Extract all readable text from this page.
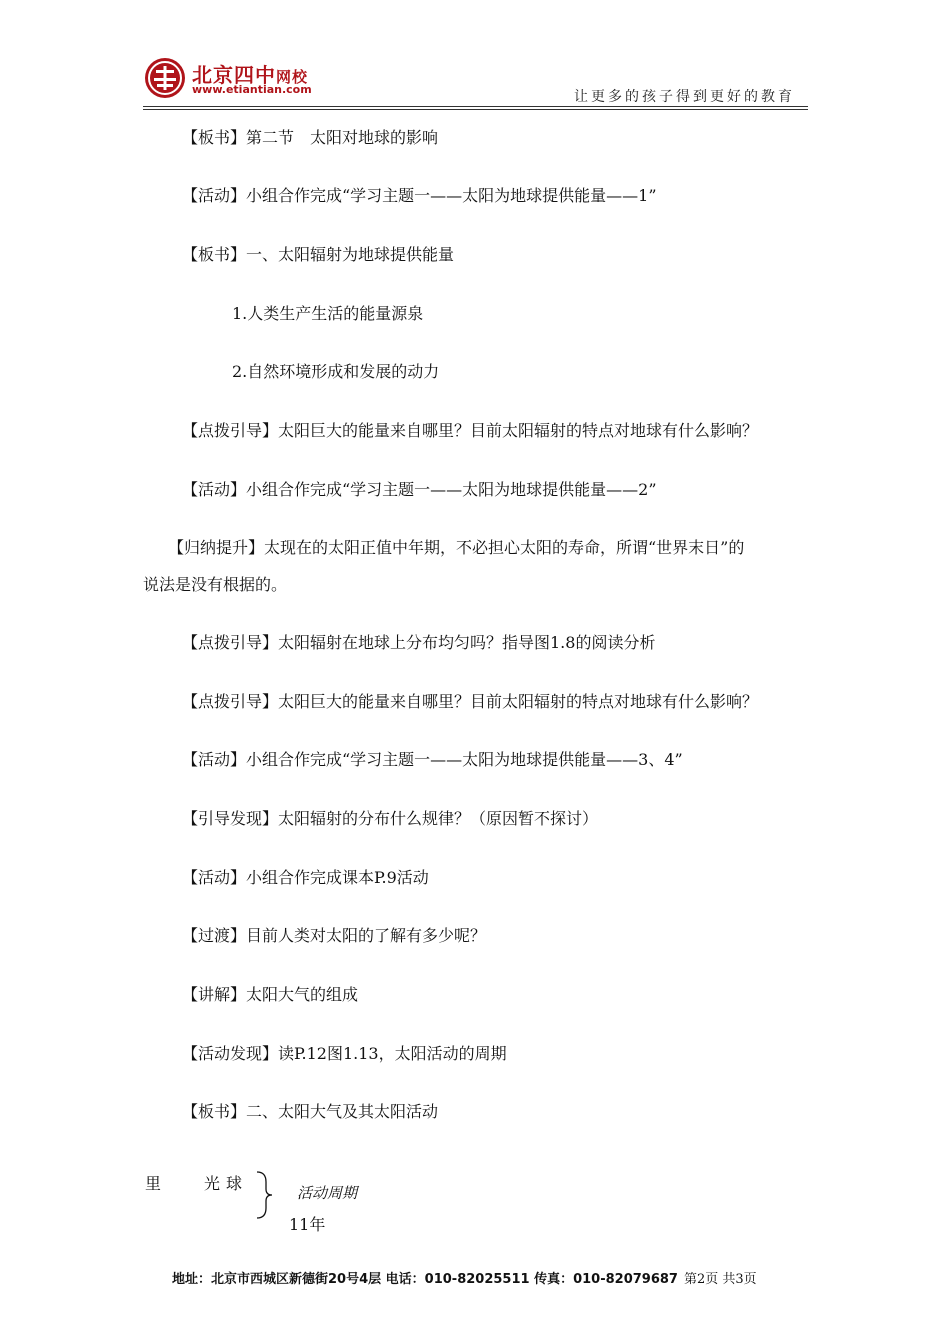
北京四中网校
www.etiantian.com	让更多的孩子得到更好的教育
【板书】第二节　太阳对地球的影响
【活动】小组合作完成“学习主题一——太阳为地球提供能量——1”
【板书】一、太阳辐射为地球提供能量
1.人类生产生活的能量源泉
2.自然环境形成和发展的动力
【点拨引导】太阳巨大的能量来自哪里？目前太阳辐射的特点对地球有什么影响？
【活动】小组合作完成“学习主题一——太阳为地球提供能量——2”
【归纳提升】太现在的太阳正值中年期，不必担心太阳的寿命，所谓“世界末日”的
说法是没有根据的。
【点拨引导】太阳辐射在地球上分布均匀吗？指导图1.8的阅读分析
【点拨引导】太阳巨大的能量来自哪里？目前太阳辐射的特点对地球有什么影响？
【活动】小组合作完成“学习主题一——太阳为地球提供能量——3、4”
【引导发现】太阳辐射的分布什么规律？（原因暂不探讨）
【活动】小组合作完成课本P.9活动
【过渡】目前人类对太阳的了解有多少呢？
【讲解】太阳大气的组成
【活动发现】读P.12图1.13，太阳活动的周期
【板书】二、太阳大气及其太阳活动
里	光球	活动周期
11年
地址：北京市西城区新德街20号4层 电话：010-82025511 传真：010-82079687 第2页 共3页
